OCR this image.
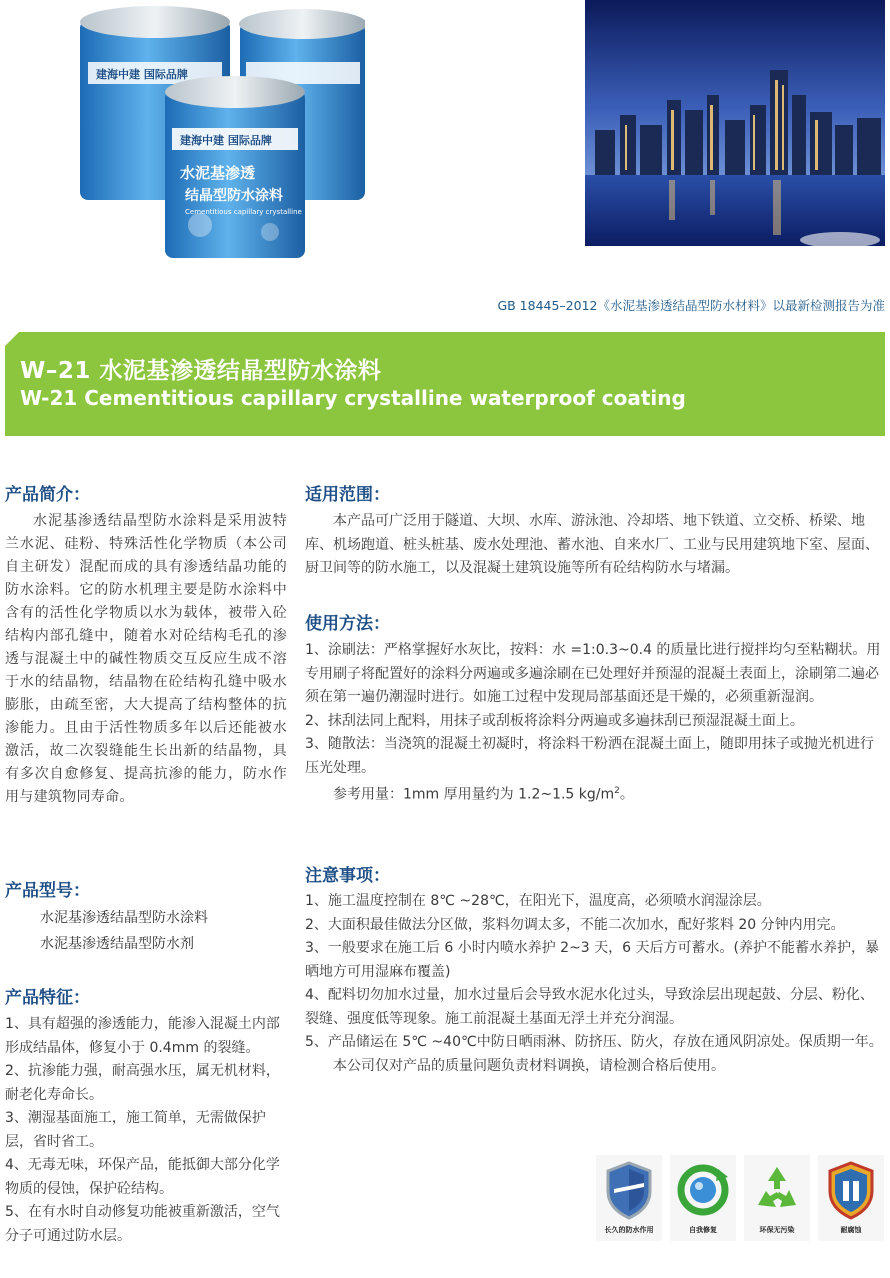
建海中建 国际品牌
建海中建 国际品牌
水泥基渗透
结晶型防水涂料
Cementitious capillary crystalline
GB 18445–2012《水泥基渗透结晶型防水材料》以最新检测报告为准
W–21 水泥基渗透结晶型防水涂料
W-21 Cementitious capillary crystalline waterproof coating
产品简介：

水泥基渗透结晶型防水涂料是采用波特兰水泥、硅粉、特殊活性化学物质（本公司自主研发）混配而成的具有渗透结晶功能的防水涂料。它的防水机理主要是防水涂料中含有的活性化学物质以水为载体，被带入砼结构内部孔缝中，随着水对砼结构毛孔的渗透与混凝土中的碱性物质交互反应生成不溶于水的结晶物，结晶物在砼结构孔缝中吸水膨胀，由疏至密，大大提高了结构整体的抗渗能力。且由于活性物质多年以后还能被水激活，故二次裂缝能生长出新的结晶物，具有多次自愈修复、提高抗渗的能力，防水作用与建筑物同寿命。

产品型号：
水泥基渗透结晶型防水涂料
水泥基渗透结晶型防水剂
产品特征：

1、具有超强的渗透能力，能渗入混凝土内部形成结晶体，修复小于 0.4mm 的裂缝。

2、抗渗能力强，耐高强水压，属无机材料，耐老化寿命长。

3、潮湿基面施工，施工简单，无需做保护层，省时省工。

4、无毒无味，环保产品，能抵御大部分化学物质的侵蚀，保护砼结构。

5、在有水时自动修复功能被重新激活，空气分子可通过防水层。

适用范围：

本产品可广泛用于隧道、大坝、水库、游泳池、冷却塔、地下铁道、立交桥、桥梁、地库、机场跑道、桩头桩基、废水处理池、蓄水池、自来水厂、工业与民用建筑地下室、屋面、厨卫间等的防水施工，以及混凝土建筑设施等所有砼结构防水与堵漏。

使用方法：

1、涂刷法：严格掌握好水灰比，按料：水 =1:0.3~0.4 的质量比进行搅拌均匀至粘糊状。用专用刷子将配置好的涂料分两遍或多遍涂刷在已处理好并预湿的混凝土表面上，涂刷第二遍必须在第一遍仍潮湿时进行。如施工过程中发现局部基面还是干燥的，必须重新湿润。

2、抹刮法同上配料，用抹子或刮板将涂料分两遍或多遍抹刮已预湿混凝土面上。

3、随散法：当浇筑的混凝土初凝时，将涂料干粉洒在混凝土面上，随即用抹子或抛光机进行压光处理。

参考用量：1mm 厚用量约为 1.2~1.5 $kg/m^2$。

注意事项：

1、施工温度控制在 8℃ ~28℃，在阳光下，温度高，必须喷水润湿涂层。

2、大面积最佳做法分区做，浆料勿调太多，不能二次加水，配好浆料 20 分钟内用完。

3、一般要求在施工后 6 小时内喷水养护 2~3 天，6 天后方可蓄水。(养护不能蓄水养护，暴晒地方可用湿麻布覆盖)

4、配料切勿加水过量，加水过量后会导致水泥水化过头，导致涂层出现起鼓、分层、粉化、裂缝、强度低等现象。施工前混凝土基面无浮土并充分润湿。

5、产品储运在 5℃ ~40℃中防日晒雨淋、防挤压、防火，存放在通风阴凉处。保质期一年。

本公司仅对产品的质量问题负责材料调换，请检测合格后使用。

长久的防水作用	自我修复	环保无污染	耐腐蚀
